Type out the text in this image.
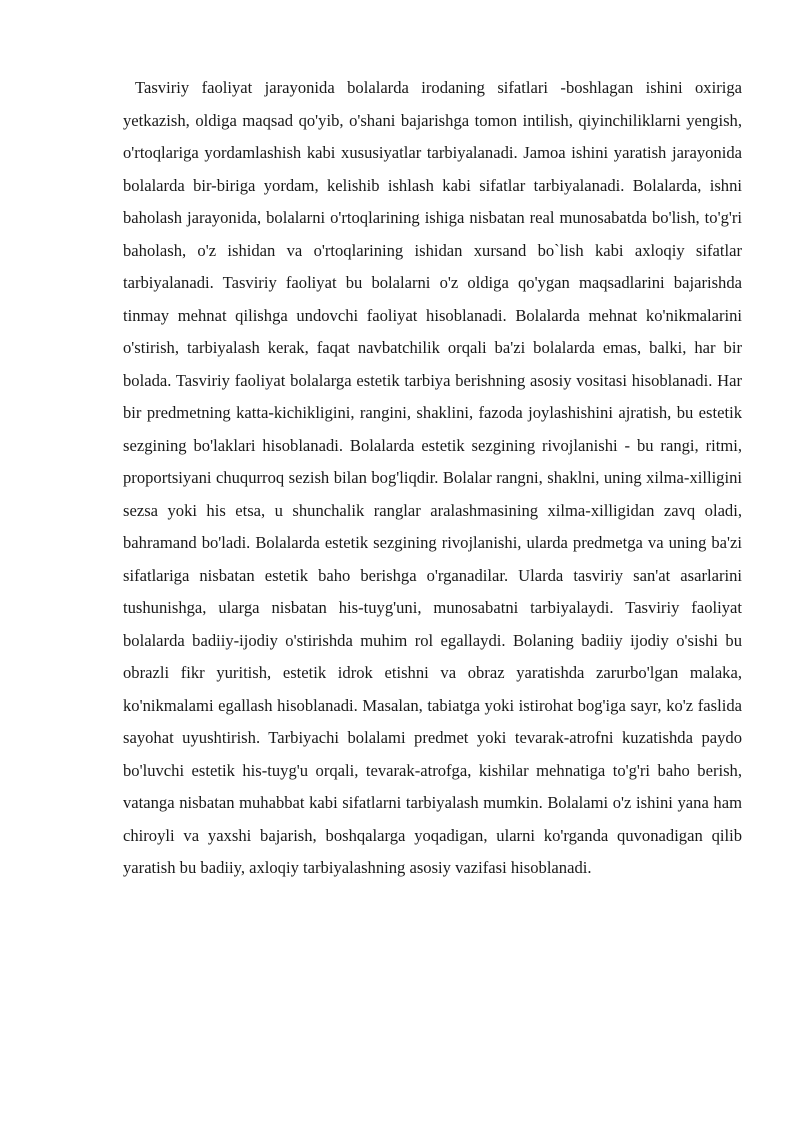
Tasviriy faoliyat jarayonida bolalarda irodaning sifatlari -boshlagan ishini oxiriga yetkazish, oldiga maqsad qo'yib, o'shani bajarishga tomon intilish, qiyinchiliklarni yengish, o'rtoqlariga yordamlashish kabi xususiyatlar tarbiyalanadi. Jamoa ishini yaratish jarayonida bolalarda bir-biriga yordam, kelishib ishlash kabi sifatlar tarbiyalanadi. Bolalarda, ishni baholash jarayonida, bolalarni o'rtoqlarining ishiga nisbatan real munosabatda bo'lish, to'g'ri baholash, o'z ishidan va o'rtoqlarining ishidan xursand bo`lish kabi axloqiy sifatlar tarbiyalanadi. Tasviriy faoliyat bu bolalarni o'z oldiga qo'ygan maqsadlarini bajarishda tinmay mehnat qilishga undovchi faoliyat hisoblanadi. Bolalarda mehnat ko'nikmalarini o'stirish, tarbiyalash kerak, faqat navbatchilik orqali ba'zi bolalarda emas, balki, har bir bolada. Tasviriy faoliyat bolalarga estetik tarbiya berishning asosiy vositasi hisoblanadi. Har bir predmetning katta-kichikligini, rangini, shaklini, fazoda joylashishini ajratish, bu estetik sezgining bo'laklari hisoblanadi. Bolalarda estetik sezgining rivojlanishi - bu rangi, ritmi, proportsiyani chuqurroq sezish bilan bog'liqdir. Bolalar rangni, shaklni, uning xilma-xilligini sezsa yoki his etsa, u shunchalik ranglar aralashmasining xilma-xilligidan zavq oladi, bahramand bo'ladi. Bolalarda estetik sezgining rivojlanishi, ularda predmetga va uning ba'zi sifatlariga nisbatan estetik baho berishga o'rganadilar. Ularda tasviriy san'at asarlarini tushunishga, ularga nisbatan his-tuyg'uni, munosabatni tarbiyalaydi. Tasviriy faoliyat bolalarda badiiy-ijodiy o'stirishda muhim rol egallaydi. Bolaning badiiy ijodiy o'sishi bu obrazli fikr yuritish, estetik idrok etishni va obraz yaratishda zarurbo'lgan malaka, ko'nikmalami egallash hisoblanadi. Masalan, tabiatga yoki istirohat bog'iga sayr, ko'z faslida sayohat uyushtirish. Tarbiyachi bolalami predmet yoki tevarak-atrofni kuzatishda paydo bo'luvchi estetik his-tuyg'u orqali, tevarak-atrofga, kishilar mehnatiga to'g'ri baho berish, vatanga nisbatan muhabbat kabi sifatlarni tarbiyalash mumkin. Bolalami o'z ishini yana ham chiroyli va yaxshi bajarish, boshqalarga yoqadigan, ularni ko'rganda quvonadigan qilib yaratish bu badiiy, axloqiy tarbiyalashning asosiy vazifasi hisoblanadi.
